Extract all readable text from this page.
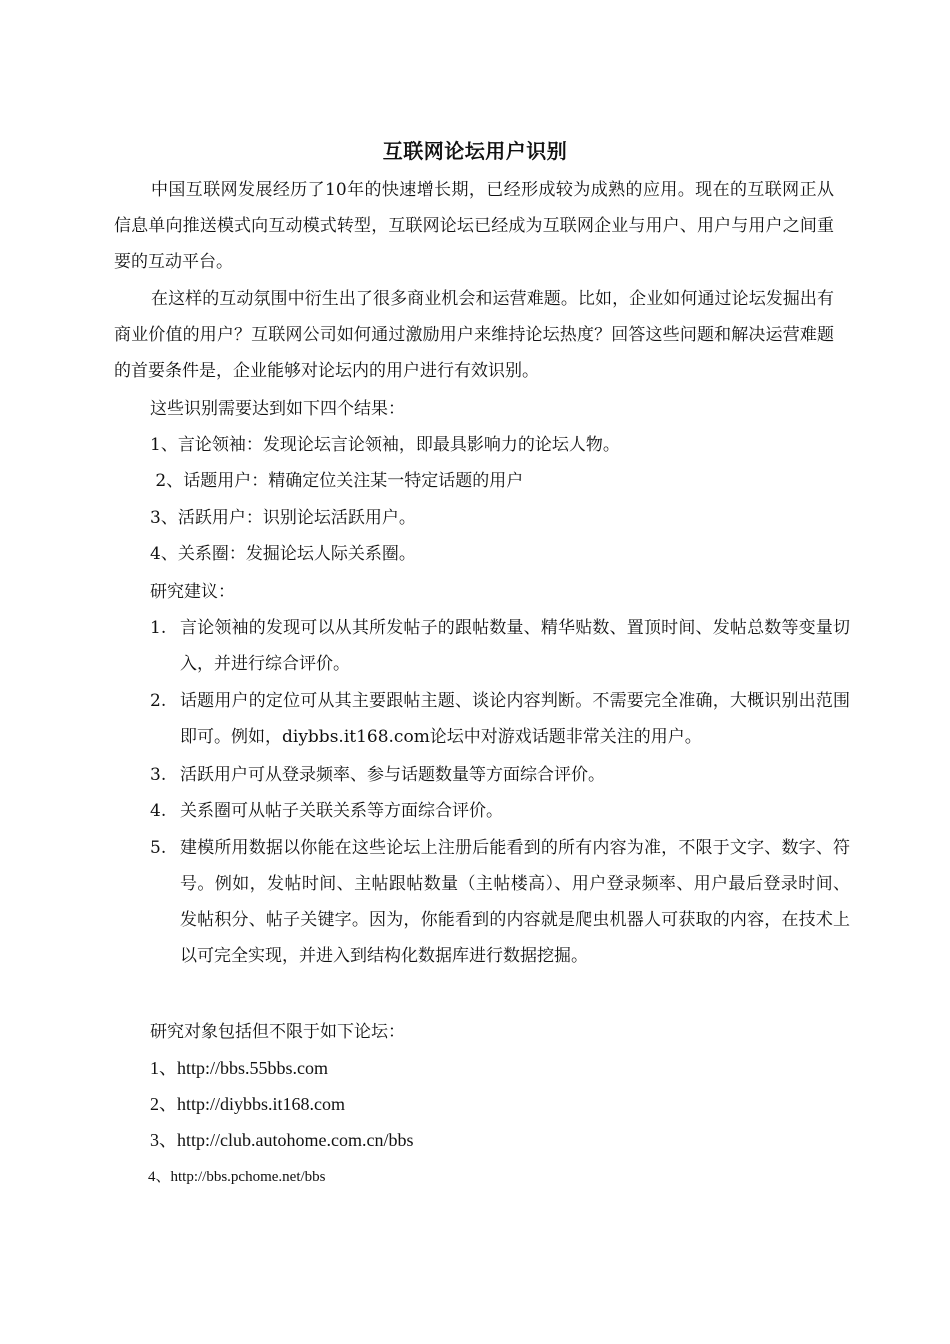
互联网论坛用户识别
中国互联网发展经历了10年的快速增长期，已经形成较为成熟的应用。现在的互联网正从信息单向推送模式向互动模式转型，互联网论坛已经成为互联网企业与用户、用户与用户之间重要的互动平台。
在这样的互动氛围中衍生出了很多商业机会和运营难题。比如，企业如何通过论坛发掘出有商业价值的用户？互联网公司如何通过激励用户来维持论坛热度？回答这些问题和解决运营难题的首要条件是，企业能够对论坛内的用户进行有效识别。
这些识别需要达到如下四个结果：
1、言论领袖：发现论坛言论领袖，即最具影响力的论坛人物。
2、话题用户：精确定位关注某一特定话题的用户
3、活跃用户：识别论坛活跃用户。
4、关系圈：发掘论坛人际关系圈。
研究建议：
1. 言论领袖的发现可以从其所发帖子的跟帖数量、精华贴数、置顶时间、发帖总数等变量切入，并进行综合评价。
2. 话题用户的定位可从其主要跟帖主题、谈论内容判断。不需要完全准确，大概识别出范围即可。例如，diybbs.it168.com论坛中对游戏话题非常关注的用户。
3. 活跃用户可从登录频率、参与话题数量等方面综合评价。
4. 关系圈可从帖子关联关系等方面综合评价。
5. 建模所用数据以你能在这些论坛上注册后能看到的所有内容为准，不限于文字、数字、符号。例如，发帖时间、主帖跟帖数量（主帖楼高）、用户登录频率、用户最后登录时间、发帖积分、帖子关键字。因为，你能看到的内容就是爬虫机器人可获取的内容，在技术上以可完全实现，并进入到结构化数据库进行数据挖掘。
研究对象包括但不限于如下论坛：
1、http://bbs.55bbs.com
2、http://diybbs.it168.com
3、http://club.autohome.com.cn/bbs
4、http://bbs.pchome.net/bbs
